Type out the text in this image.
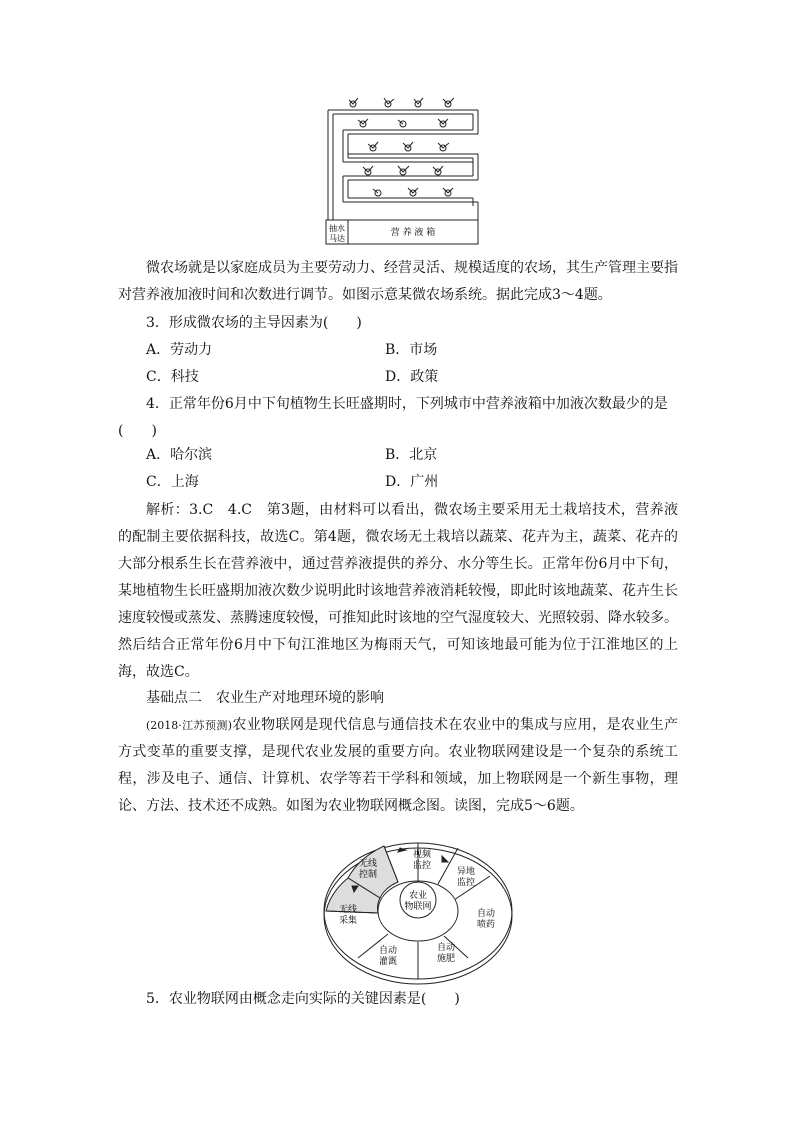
抽水
马达
营 养 液 箱

微农场就是以家庭成员为主要劳动力、经营灵活、规模适度的农场，其生产管理主要指对营养液加液时间和次数进行调节。如图示意某微农场系统。据此完成3～4题。

3．形成微农场的主导因素为(　　)
A．劳动力	B．市场
C．科技	D．政策
4．正常年份6月中下旬植物生长旺盛期时，下列城市中营养液箱中加液次数最少的是
(　　)
A．哈尔滨	B．北京
C．上海	D．广州

解析：3.C　4.C　第3题，由材料可以看出，微农场主要采用无土栽培技术，营养液的配制主要依据科技，故选C。第4题，微农场无土栽培以蔬菜、花卉为主，蔬菜、花卉的大部分根系生长在营养液中，通过营养液提供的养分、水分等生长。正常年份6月中下旬，某地植物生长旺盛期加液次数少说明此时该地营养液消耗较慢，即此时该地蔬菜、花卉生长速度较慢或蒸发、蒸腾速度较慢，可推知此时该地的空气湿度较大、光照较弱、降水较多。然后结合正常年份6月中下旬江淮地区为梅雨天气，可知该地最可能为位于江淮地区的上海，故选C。

基础点二　农业生产对地理环境的影响

(2018·江苏预测)农业物联网是现代信息与通信技术在农业中的集成与应用，是农业生产方式变革的重要支撑，是现代农业发展的重要方向。农业物联网建设是一个复杂的系统工程，涉及电子、通信、计算机、农学等若干学科和领域，加上物联网是一个新生事物，理论、方法、技术还不成熟。如图为农业物联网概念图。读图，完成5～6题。

农业
物联网
视频
监控
异地
监控
自动
喷药
自动
施肥
自动
灌溉
无线
采集
无线
控制
5．农业物联网由概念走向实际的关键因素是(　　)
